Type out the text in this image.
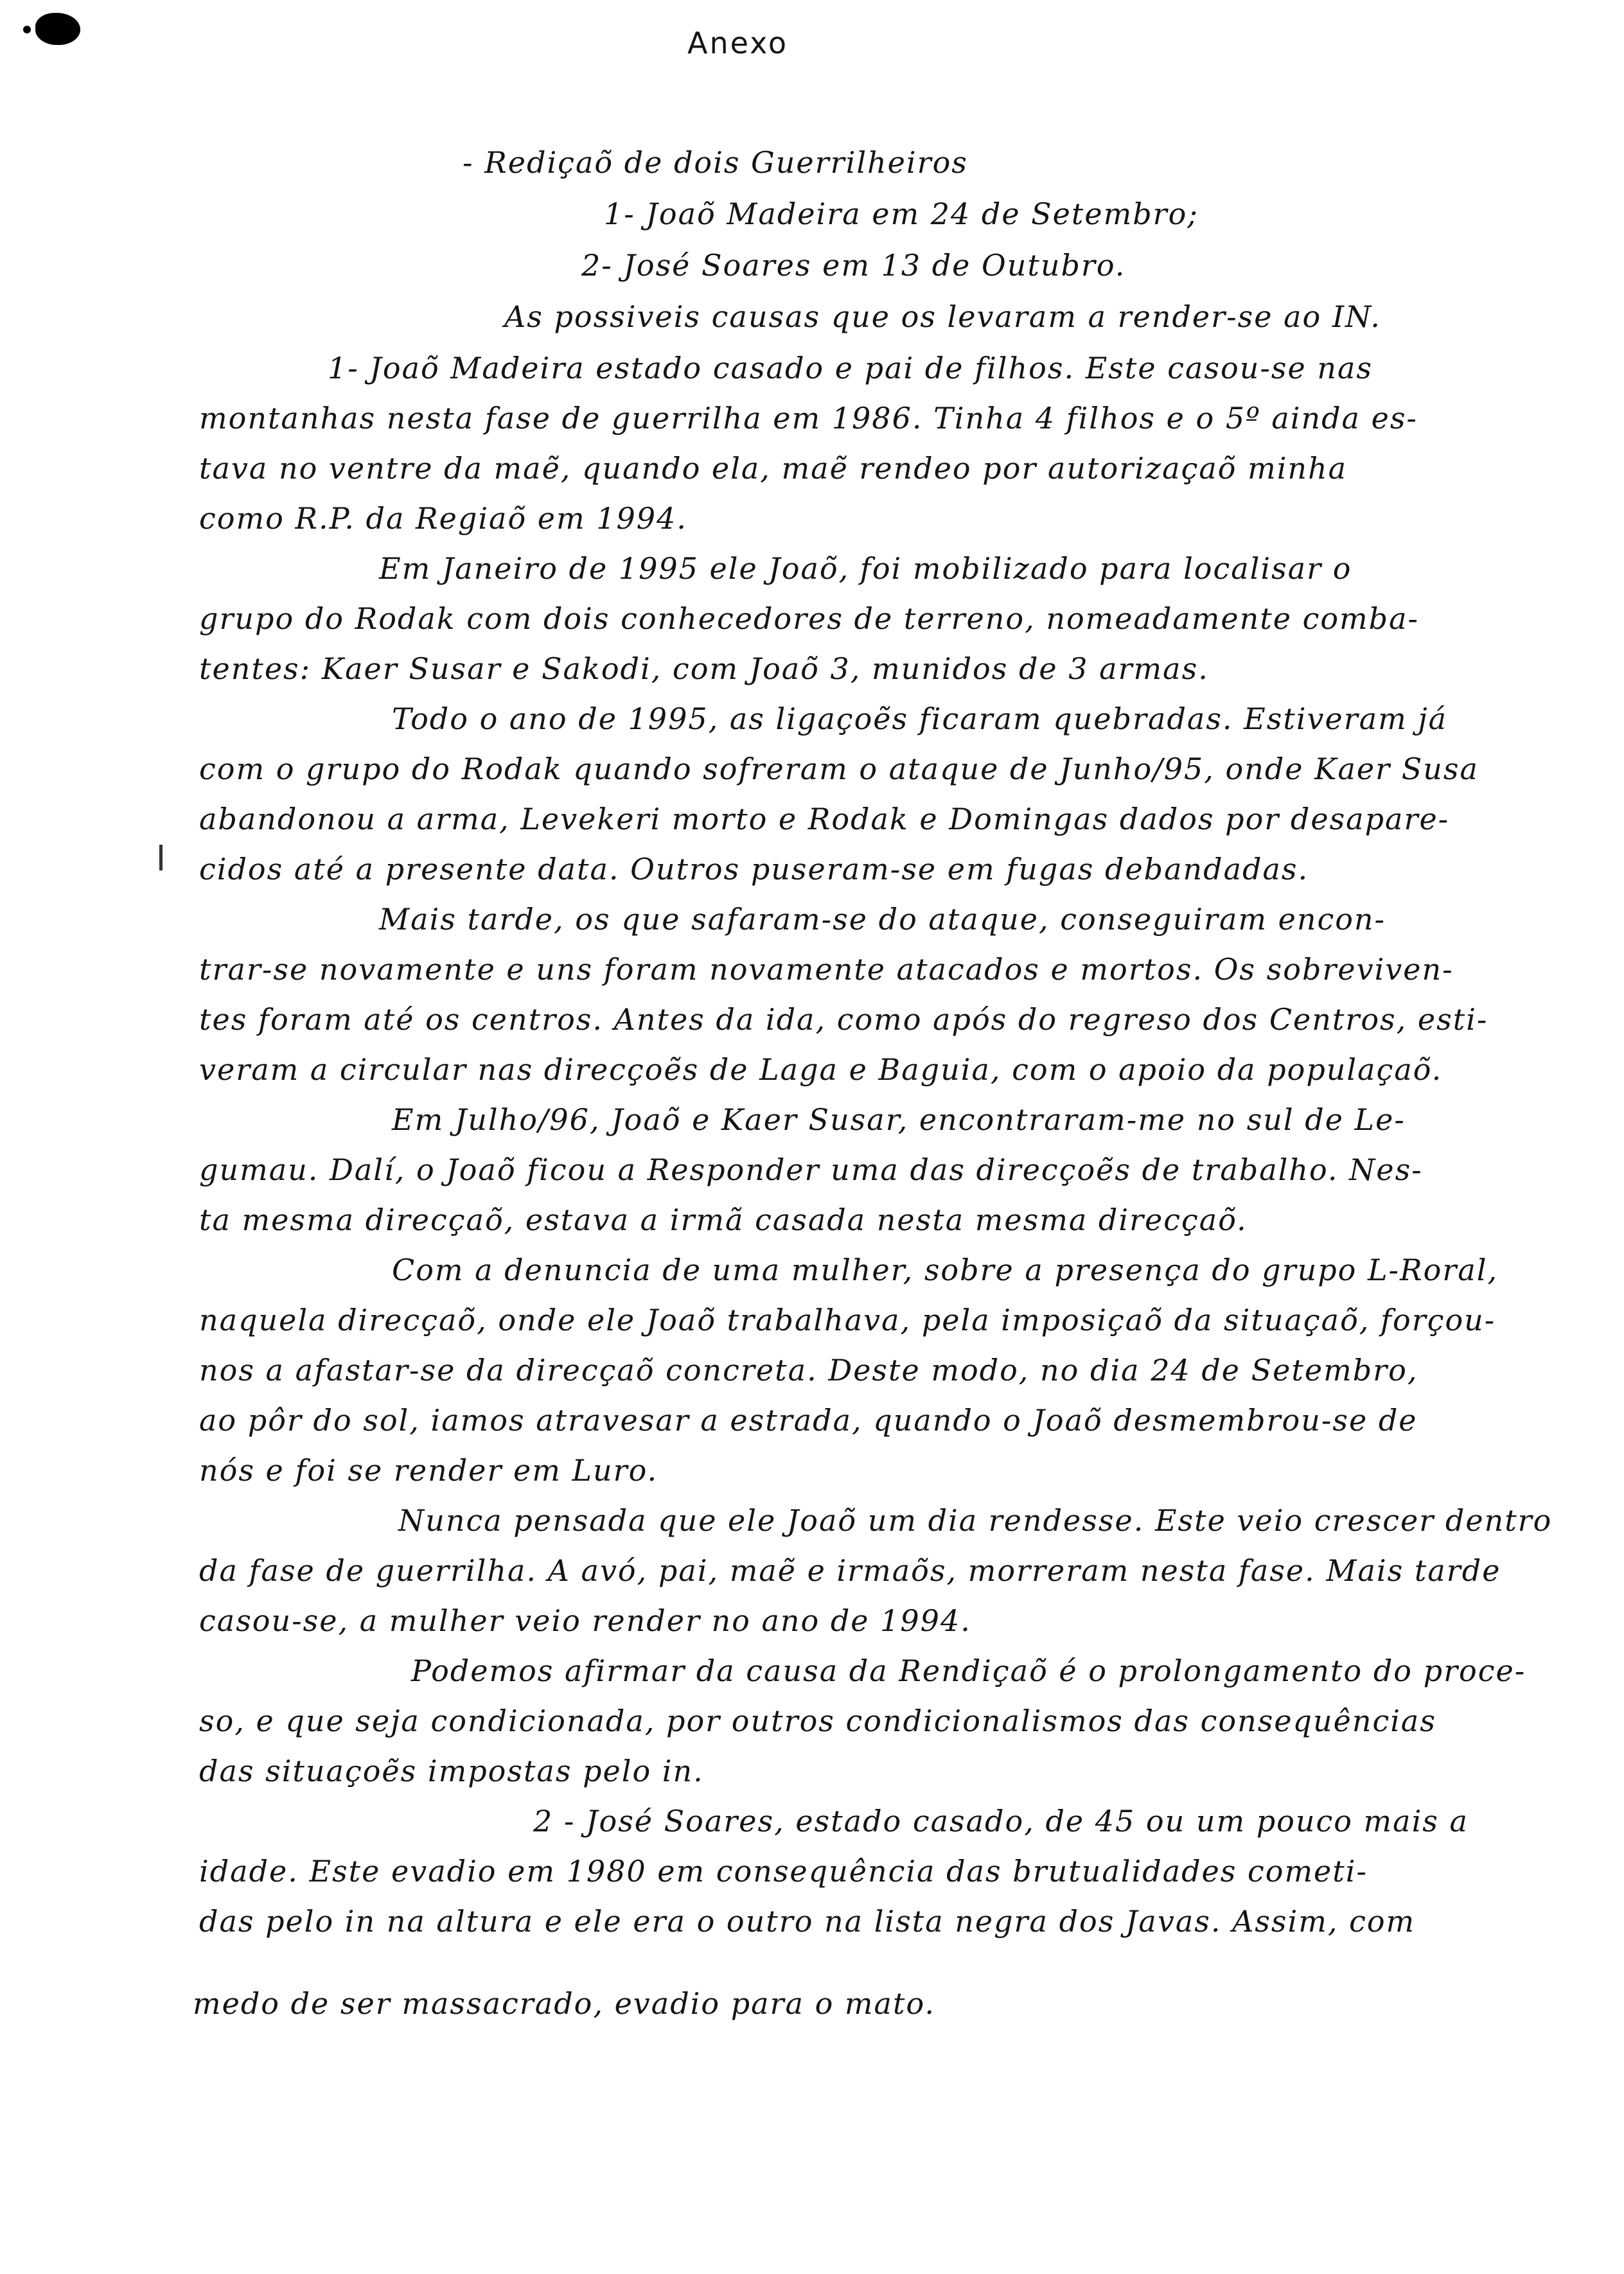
Anexo
- Rediçaõ de dois Guerrilheiros
1- Joaõ Madeira em 24 de Setembro;
2- José Soares em 13 de Outubro.
As possiveis causas que os levaram a render-se ao IN.
1- Joaõ Madeira estado casado e pai de filhos. Este casou-se nas
montanhas nesta fase de guerrilha em 1986. Tinha 4 filhos e o 5º ainda es-
tava no ventre da maẽ, quando ela, maẽ rendeo por autorizaçaõ minha
como R.P. da Regiaõ em 1994.
Em Janeiro de 1995 ele Joaõ, foi mobilizado para localisar o
grupo do Rodak com dois conhecedores de terreno, nomeadamente comba-
tentes: Kaer Susar e Sakodi, com Joaõ 3, munidos de 3 armas.
Todo o ano de 1995, as ligaçoẽs ficaram quebradas. Estiveram já
com o grupo do Rodak quando sofreram o ataque de Junho/95, onde Kaer Susa
abandonou a arma, Levekeri morto e Rodak e Domingas dados por desapare-
cidos até a presente data. Outros puseram-se em fugas debandadas.
Mais tarde, os que safaram-se do ataque, conseguiram encon-
trar-se novamente e uns foram novamente atacados e mortos. Os sobreviven-
tes foram até os centros. Antes da ida, como após do regreso dos Centros, esti-
veram a circular nas direcçoẽs de Laga e Baguia, com o apoio da populaçaõ.
Em Julho/96, Joaõ e Kaer Susar, encontraram-me no sul de Le-
gumau. Dalí, o Joaõ ficou a Responder uma das direcçoẽs de trabalho. Nes-
ta mesma direcçaõ, estava a irmã casada nesta mesma direcçaõ.
Com a denuncia de uma mulher, sobre a presença do grupo L-Roral,
naquela direcçaõ, onde ele Joaõ trabalhava, pela imposiçaõ da situaçaõ, forçou-
nos a afastar-se da direcçaõ concreta. Deste modo, no dia 24 de Setembro,
ao pôr do sol, iamos atravesar a estrada, quando o Joaõ desmembrou-se de
nós e foi se render em Luro.
Nunca pensada que ele Joaõ um dia rendesse. Este veio crescer dentro
da fase de guerrilha. A avó, pai, maẽ e irmaõs, morreram nesta fase. Mais tarde
casou-se, a mulher veio render no ano de 1994.
Podemos afirmar da causa da Rendiçaõ é o prolongamento do proce-
so, e que seja condicionada, por outros condicionalismos das consequências
das situaçoẽs impostas pelo in.
2 - José Soares, estado casado, de 45 ou um pouco mais a
idade. Este evadio em 1980 em consequência das brutualidades cometi-
das pelo in na altura e ele era o outro na lista negra dos Javas. Assim, com
medo de ser massacrado, evadio para o mato.
